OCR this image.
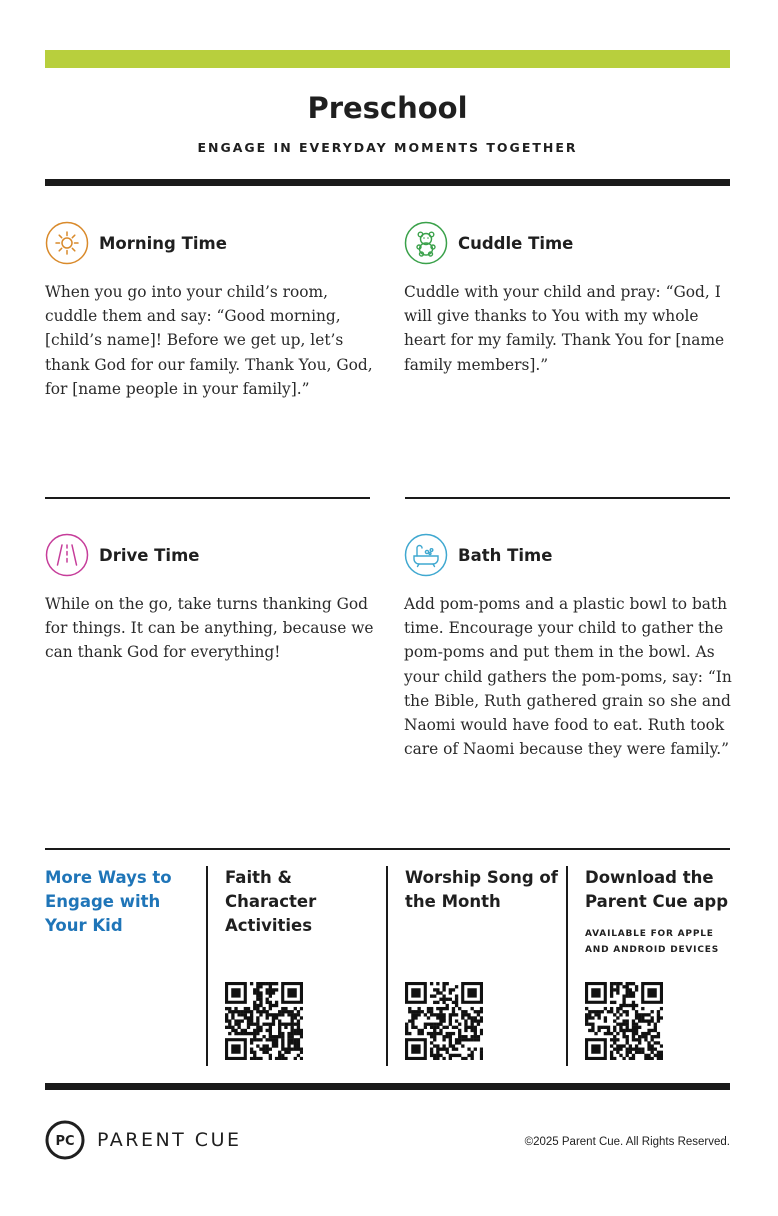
Preschool
ENGAGE IN EVERYDAY MOMENTS TOGETHER
Morning Time
When you go into your child’s room, cuddle them and say: “Good morning, [child’s name]! Before we get up, let’s thank God for our family. Thank You, God, for [name people in your family].”
Cuddle Time
Cuddle with your child and pray: “God, I will give thanks to You with my whole heart for my family. Thank You for [name family members].”
Drive Time
While on the go, take turns thanking God for things. It can be anything, because we can thank God for everything!
Bath Time
Add pom-poms and a plastic bowl to bath time. Encourage your child to gather the pom-poms and put them in the bowl. As your child gathers the pom-poms, say: “In the Bible, Ruth gathered grain so she and Naomi would have food to eat. Ruth took care of Naomi because they were family.”
More Ways to Engage with Your Kid
Faith & Character Activities
Worship Song of the Month
Download the Parent Cue app
AVAILABLE FOR APPLE AND ANDROID DEVICES
PC PARENT CUE	©2025 Parent Cue. All Rights Reserved.
